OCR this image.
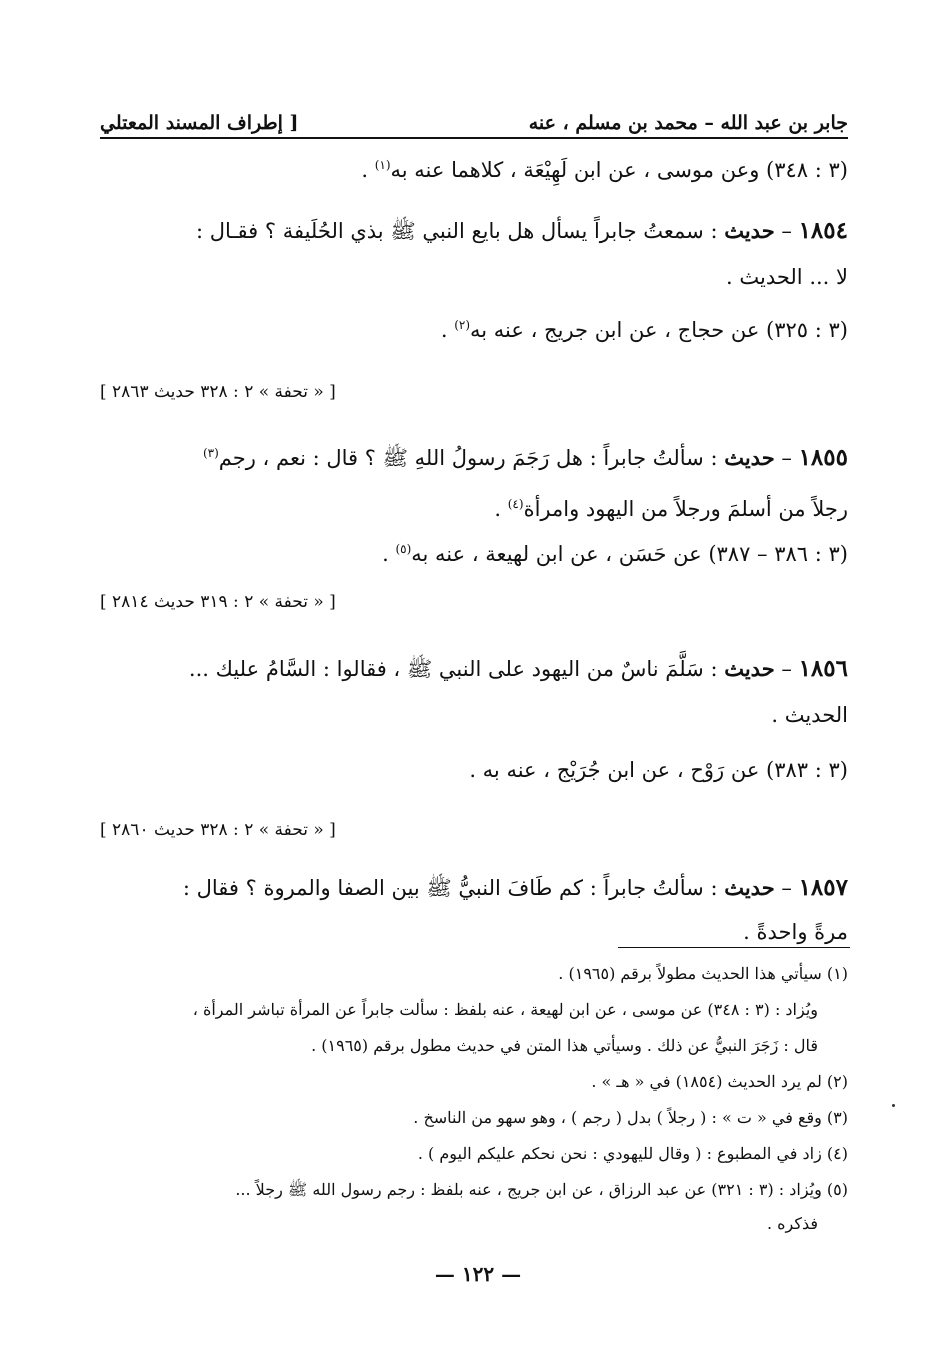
جابر بن عبد الله – محمد بن مسلم ، عنه
[ إطراف المسند المعتلي
(٣ : ٣٤٨) وعن موسى ، عن ابن لَهِيْعَة ، كلاهما عنه به$^{(١)}$ .
١٨٥٤ – حديث : سمعتُ جابراً يسأل هل بايع النبي ﷺ بذي الحُلَيفة ؟ فقـال :
لا ... الحديث .
(٣ : ٣٢٥) عن حجاج ، عن ابن جريج ، عنه به$^{(٢)}$ .
[ « تحفة » ٢ : ٣٢٨ حديث ٢٨٦٣ ]
١٨٥٥ – حديث : سألتُ جابراً : هل رَجَمَ رسولُ اللهِ ﷺ ؟ قال : نعم ، رجم$^{(٣)}$
رجلاً من أسلمَ ورجلاً من اليهود وامرأة$^{(٤)}$ .
(٣ : ٣٨٦ – ٣٨٧) عن حَسَن ، عن ابن لهيعة ، عنه به$^{(٥)}$ .
[ « تحفة » ٢ : ٣١٩ حديث ٢٨١٤ ]
١٨٥٦ – حديث : سَلَّمَ ناسٌ من اليهود على النبي ﷺ ، فقالوا : السَّامُ عليك ...
الحديث .
(٣ : ٣٨٣) عن رَوْح ، عن ابن جُرَيْج ، عنه به .
[ « تحفة » ٢ : ٣٢٨ حديث ٢٨٦٠ ]
١٨٥٧ – حديث : سألتُ جابراً : كم طَافَ النبيُّ ﷺ بين الصفا والمروة ؟ فقال :
مرةً واحدةً .
(١) سيأتي هذا الحديث مطولاً برقم (١٩٦٥) .
ويُزاد : (٣ : ٣٤٨) عن موسى ، عن ابن لهيعة ، عنه بلفظ : سألت جابراً عن المرأة تباشر المرأة ،
قال : زَجَرَ النبيُّ عن ذلك . وسيأتي هذا المتن في حديث مطول برقم (١٩٦٥) .
(٢) لم يرد الحديث (١٨٥٤) في « هـ » .
(٣) وقع في « ت » : ( رجلاً ) بدل ( رجم ) ، وهو سهو من الناسخ .
(٤) زاد في المطبوع : ( وقال لليهودي : نحن نحكم عليكم اليوم ) .
(٥) ويُزاد : (٣ : ٣٢١) عن عبد الرزاق ، عن ابن جريج ، عنه بلفظ : رجم رسول الله ﷺ رجلاً ...
فذكره .
— ١٢٢ —
